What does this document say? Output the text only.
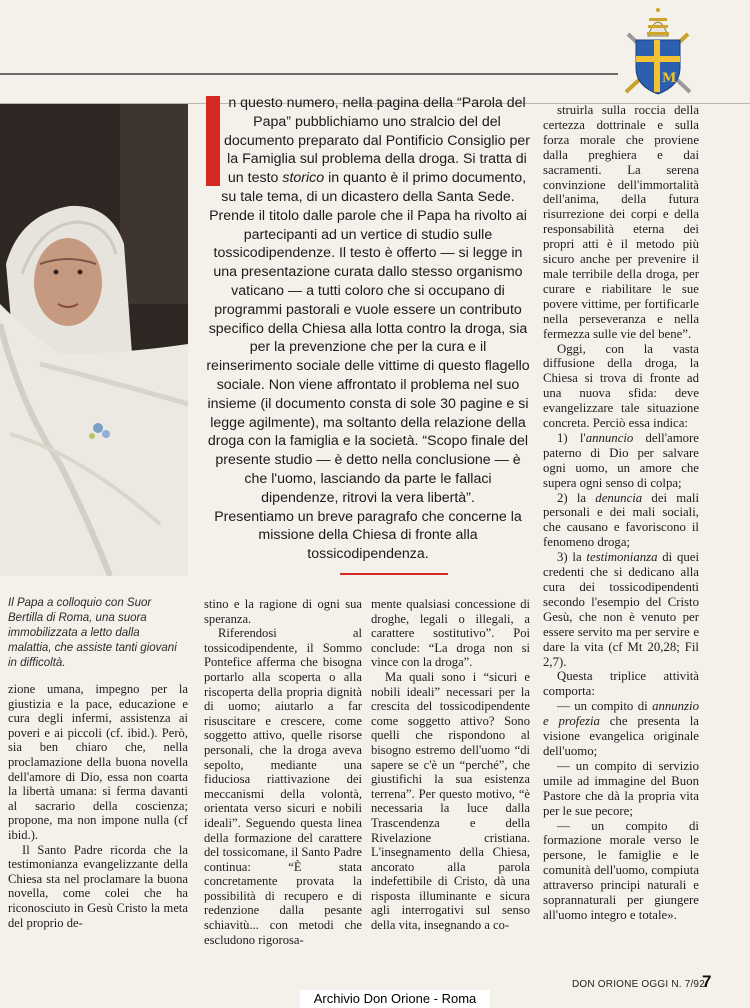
M
Il Papa a colloquio con Suor Bertilla di Roma, una suora immobilizzata a letto dalla malattia, che assiste tanti giovani in difficoltà.

n questo numero, nella pagina della “Parola del Papa” pubblichiamo uno stralcio del del documento preparato dal Pontificio Consiglio per la Famiglia sul problema della droga. Si tratta di un testo storico in quanto è il primo documento, su tale tema, di un dicastero della Santa Sede. Prende il titolo dalle parole che il Papa ha rivolto ai partecipanti ad un vertice di studio sulle tossicodipendenze. Il testo è offerto — si legge in una presentazione curata dallo stesso organismo vaticano — a tutti coloro che si occupano di programmi pastorali e vuole essere un contributo specifico della Chiesa alla lotta contro la droga, sia per la prevenzione che per la cura e il reinserimento sociale delle vittime di questo flagello sociale. Non viene affrontato il problema nel suo insieme (il documento consta di sole 30 pagine e si legge agilmente), ma soltanto della relazione della droga con la famiglia e la società. “Scopo finale del presente studio — è detto nella conclusione — è che l'uomo, lasciando da parte le fallaci dipendenze, ritrovi la vera libertà”.

Presentiamo un breve paragrafo che concerne la missione della Chiesa di fronte alla tossicodipendenza.

zione umana, impegno per la giustizia e la pace, educazione e cura degli infermi, assistenza ai poveri e ai piccoli (cf. ibid.). Però, sia ben chiaro che, nella proclamazione della buona novella dell'amore di Dio, essa non coarta la libertà umana: si ferma davanti al sacrario della coscienza; propone, ma non impone nulla (cf ibid.).

Il Santo Padre ricorda che la testimonianza evangelizzante della Chiesa sta nel proclamare la buona novella, come colei che ha riconosciuto in Gesù Cristo la meta del proprio de-

stino e la ragione di ogni sua speranza.

Riferendosi al tossicodipendente, il Sommo Pontefice afferma che bisogna portarlo alla scoperta o alla riscoperta della propria dignità di uomo; aiutarlo a far risuscitare e crescere, come soggetto attivo, quelle risorse personali, che la droga aveva sepolto, mediante una fiduciosa riattivazione dei meccanismi della volontà, orientata verso sicuri e nobili ideali”. Seguendo questa linea della formazione del carattere del tossicomane, il Santo Padre continua: “È stata concretamente provata la possibilità di recupero e di redenzione dalla pesante schiavitù... con metodi che escludono rigorosa-

mente qualsiasi concessione di droghe, legali o illegali, a carattere sostitutivo”. Poi conclude: “La droga non si vince con la droga”.

Ma quali sono i “sicuri e nobili ideali” necessari per la crescita del tossicodipendente come soggetto attivo? Sono quelli che rispondono al bisogno estremo dell'uomo “di sapere se c'è un “perché”, che giustifichi la sua esistenza terrena”. Per questo motivo, “è necessaria la luce dalla Trascendenza e della Rivelazione cristiana. L'insegnamento della Chiesa, ancorato alla parola indefettibile di Cristo, dà una risposta illuminante e sicura agli interrogativi sul senso della vita, insegnando a co-

struirla sulla roccia della certezza dottrinale e sulla forza morale che proviene dalla preghiera e dai sacramenti. La serena convinzione dell'immortalità dell'anima, della futura risurrezione dei corpi e della responsabilità eterna dei propri atti è il metodo più sicuro anche per prevenire il male terribile della droga, per curare e riabilitare le sue povere vittime, per fortificarle nella perseveranza e nella fermezza sulle vie del bene”.

Oggi, con la vasta diffusione della droga, la Chiesa si trova di fronte ad una nuova sfida: deve evangelizzare tale situazione concreta. Perciò essa indica:

1) l'annuncio dell'amore paterno di Dio per salvare ogni uomo, un amore che supera ogni senso di colpa;

2) la denuncia dei mali personali e dei mali sociali, che causano e favoriscono il fenomeno droga;

3) la testimonianza di quei credenti che si dedicano alla cura dei tossicodipendenti secondo l'esempio del Cristo Gesù, che non è venuto per essere servito ma per servire e dare la vita (cf Mt 20,28; Fil 2,7).

Questa triplice attività comporta:

— un compito di annunzio e profezia che presenta la visione evangelica originale dell'uomo;

— un compito di servizio umile ad immagine del Buon Pastore che dà la propria vita per le sue pecore;

— un compito di formazione morale verso le persone, le famiglie e le comunità dell'uomo, compiuta attraverso principi naturali e soprannaturali per giungere all'uomo integro e totale».

DON ORIONE OGGI N. 7/92
7
Archivio Don Orione - Roma
